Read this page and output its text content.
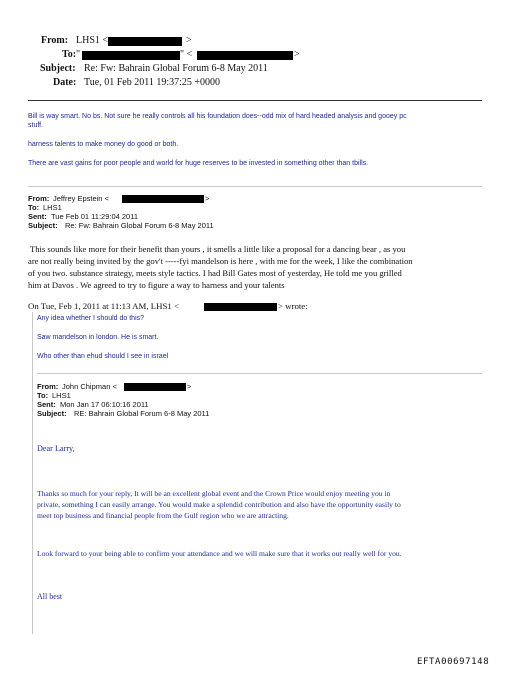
From: LHS1 <	>
To: "	" <	>
Subject: Re: Fw: Bahrain Global Forum 6-8 May 2011
Date: Tue, 01 Feb 2011 19:37:25 +0000
Bill is way smart. No bs. Not sure he really controls all his foundation does--odd mix of hard headed analysis and gooey pc
stuff.
harness talents to make money do good or both.
There are vast gains for poor people and world for huge reserves to be invested in something other than tbills.
From: Jeffrey Epstein <	>
To: LHS1
Sent: Tue Feb 01 11:29:04 2011
Subject: Re: Fw: Bahrain Global Forum 6-8 May 2011
This sounds like more for their benefit than yours , it smells a little like a proposal for a dancing bear , as you
are not really being invited by the gov't -----fyi mandelson is here , with me for the week, I like the combination
of you two. substance strategy, meets style tactics. I had Bill Gates most of yesterday, He told me you grilled
him at Davos . We agreed to try to figure a way to harness and your talents
On Tue, Feb 1, 2011 at 11:13 AM, LHS1 <	> wrote:
Any idea whether I should do this?
Saw mandelson in london. He is smart.
Who other than ehud should I see in israel
From: John Chipman <	>
To: LHS1
Sent: Mon Jan 17 06:10:16 2011
Subject: RE: Bahrain Global Forum 6-8 May 2011
Dear Larry,
Thanks so much for your reply, It will be an excellent global event and the Crown Price would enjoy meeting you in
private, something I can easily arrange. You would make a splendid contribution and also have the opportunity easily to
meet top business and financial people from the Gulf region who we are attracting.
Look forward to your being able to confirm your attendance and we will make sure that it works out really well for you.
All best
EFTA00697148
